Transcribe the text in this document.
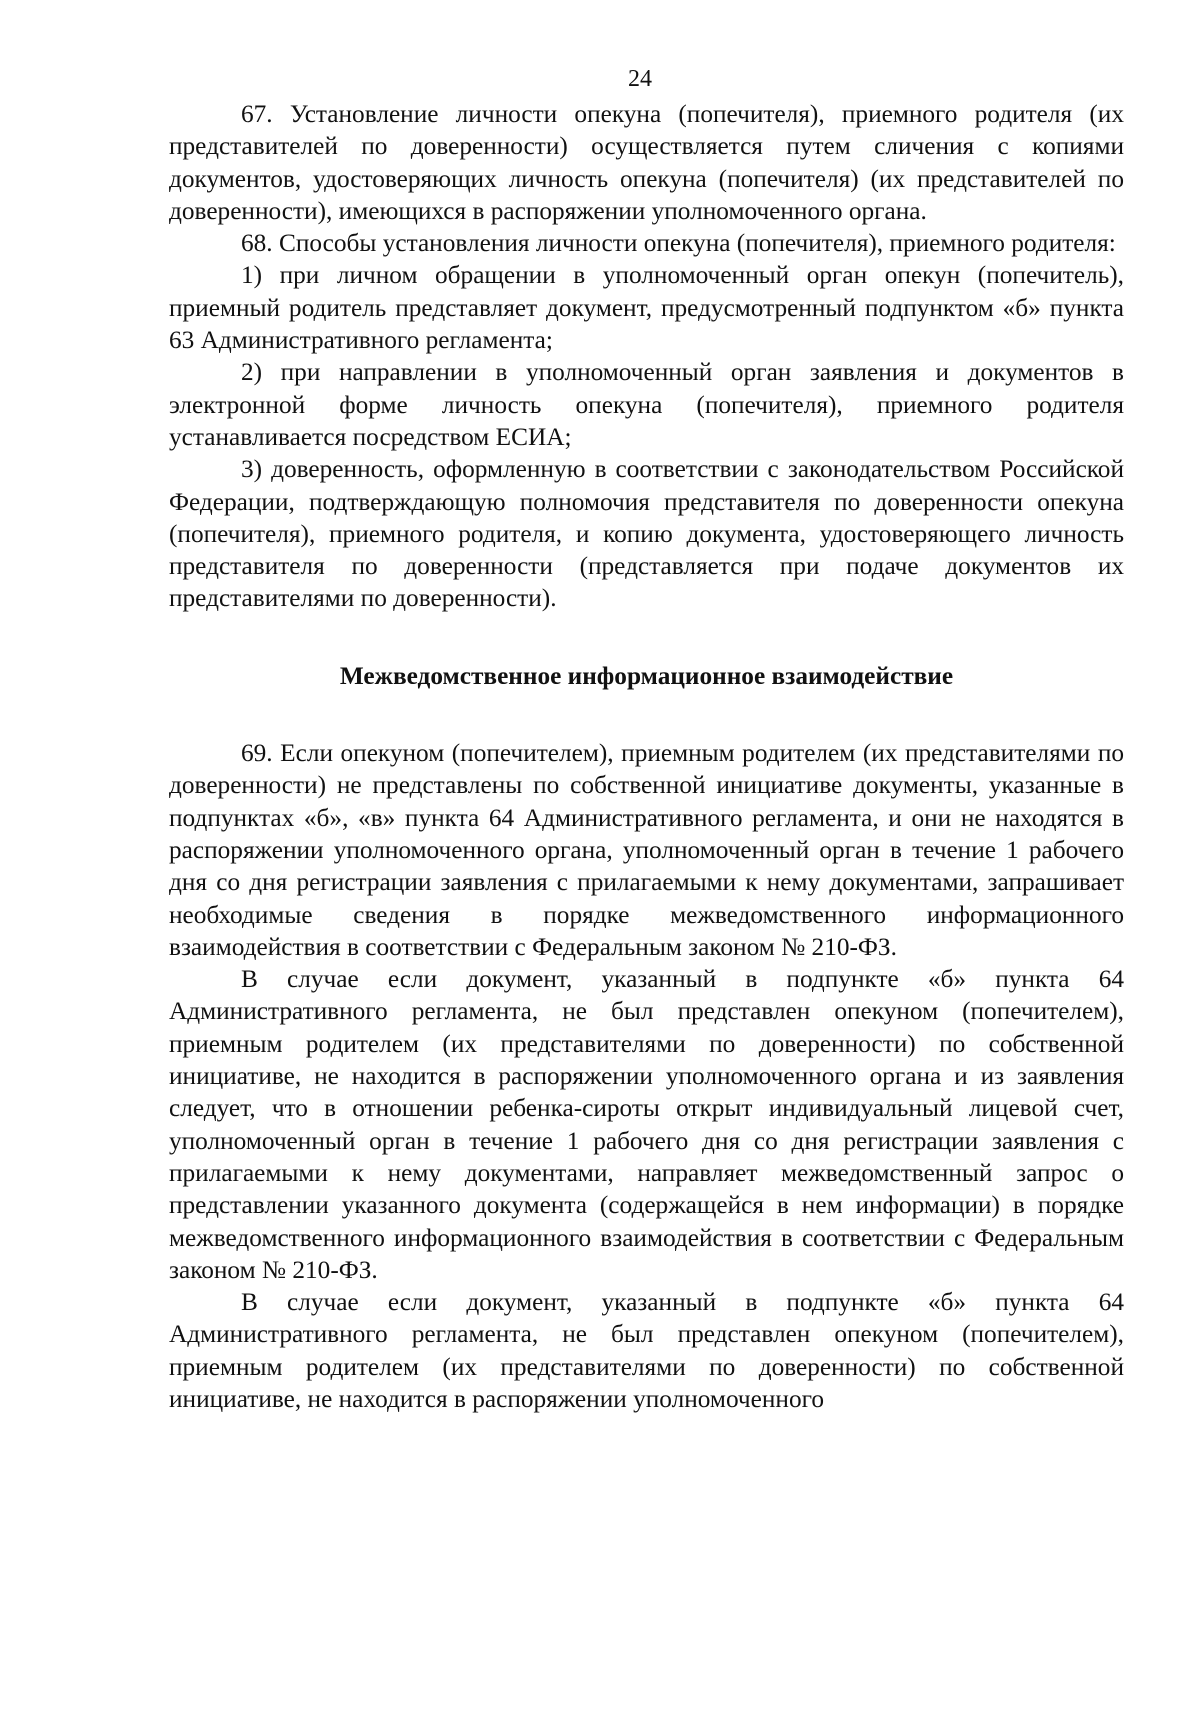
24

67. Установление личности опекуна (попечителя), приемного родителя (их представителей по доверенности) осуществляется путем сличения с копиями документов, удостоверяющих личность опекуна (попечителя) (их представителей по доверенности), имеющихся в распоряжении уполномоченного органа.

68. Способы установления личности опекуна (попечителя), приемного родителя:

1) при личном обращении в уполномоченный орган опекун (попечитель), приемный родитель представляет документ, предусмотренный подпунктом «б» пункта 63 Административного регламента;

2) при направлении в уполномоченный орган заявления и документов в электронной форме личность опекуна (попечителя), приемного родителя устанавливается посредством ЕСИА;

3) доверенность, оформленную в соответствии с законодательством Российской Федерации, подтверждающую полномочия представителя по доверенности опекуна (попечителя), приемного родителя, и копию документа, удостоверяющего личность представителя по доверенности (представляется при подаче документов их представителями по доверенности).

Межведомственное информационное взаимодействие

69. Если опекуном (попечителем), приемным родителем (их представителями по доверенности) не представлены по собственной инициативе документы, указанные в подпунктах «б», «в» пункта 64 Административного регламента, и они не находятся в распоряжении уполномоченного органа, уполномоченный орган в течение 1 рабочего дня со дня регистрации заявления с прилагаемыми к нему документами, запрашивает необходимые сведения в порядке межведомственного информационного взаимодействия в соответствии с Федеральным законом № 210-ФЗ.

В случае если документ, указанный в подпункте «б» пункта 64 Административного регламента, не был представлен опекуном (попечителем), приемным родителем (их представителями по доверенности) по собственной инициативе, не находится в распоряжении уполномоченного органа и из заявления следует, что в отношении ребенка-сироты открыт индивидуальный лицевой счет, уполномоченный орган в течение 1 рабочего дня со дня регистрации заявления с прилагаемыми к нему документами, направляет межведомственный запрос о представлении указанного документа (содержащейся в нем информации) в порядке межведомственного информационного взаимодействия в соответствии с Федеральным законом № 210-ФЗ.

В случае если документ, указанный в подпункте «б» пункта 64 Административного регламента, не был представлен опекуном (попечителем), приемным родителем (их представителями по доверенности) по собственной инициативе, не находится в распоряжении уполномоченного
